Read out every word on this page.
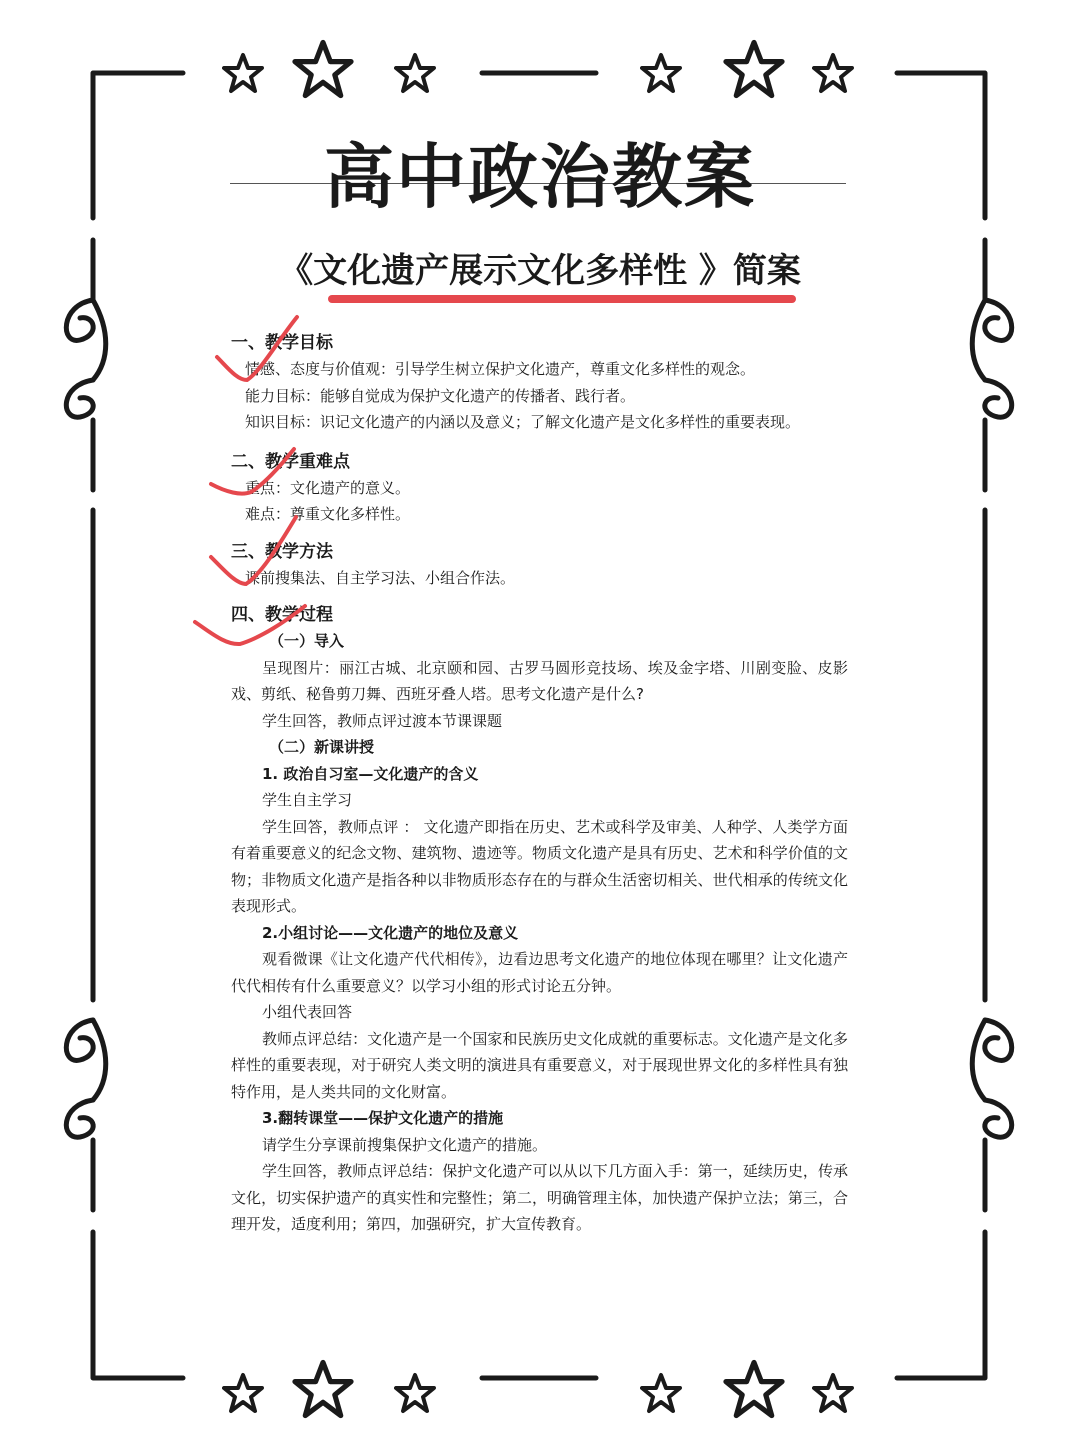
高中政治教案
《文化遗产展示文化多样性 》简案
一、教学目标
情感、态度与价值观：引导学生树立保护文化遗产，尊重文化多样性的观念。
能力目标：能够自觉成为保护文化遗产的传播者、践行者。
知识目标：识记文化遗产的内涵以及意义；了解文化遗产是文化多样性的重要表现。
二、教学重难点
重点：文化遗产的意义。
难点：尊重文化多样性。
三、教学方法
课前搜集法、自主学习法、小组合作法。
四、教学过程
（一）导入
呈现图片：丽江古城、北京颐和园、古罗马圆形竞技场、埃及金字塔、川剧变脸、皮影戏、剪纸、秘鲁剪刀舞、西班牙叠人塔。思考文化遗产是什么?
学生回答，教师点评过渡本节课课题
（二）新课讲授
1. 政治自习室—文化遗产的含义
学生自主学习
学生回答，教师点评 ： 文化遗产即指在历史、艺术或科学及审美、人种学、人类学方面有着重要意义的纪念文物、建筑物、遗迹等。物质文化遗产是具有历史、艺术和科学价值的文物；非物质文化遗产是指各种以非物质形态存在的与群众生活密切相关、世代相承的传统文化表现形式。
2.小组讨论——文化遗产的地位及意义
观看微课《让文化遗产代代相传》，边看边思考文化遗产的地位体现在哪里？让文化遗产代代相传有什么重要意义？以学习小组的形式讨论五分钟。
小组代表回答
教师点评总结：文化遗产是一个国家和民族历史文化成就的重要标志。文化遗产是文化多样性的重要表现，对于研究人类文明的演进具有重要意义，对于展现世界文化的多样性具有独特作用，是人类共同的文化财富。
3.翻转课堂——保护文化遗产的措施
请学生分享课前搜集保护文化遗产的措施。
学生回答，教师点评总结：保护文化遗产可以从以下几方面入手：第一，延续历史，传承文化，切实保护遗产的真实性和完整性；第二，明确管理主体，加快遗产保护立法；第三，合理开发，适度利用；第四，加强研究，扩大宣传教育。
